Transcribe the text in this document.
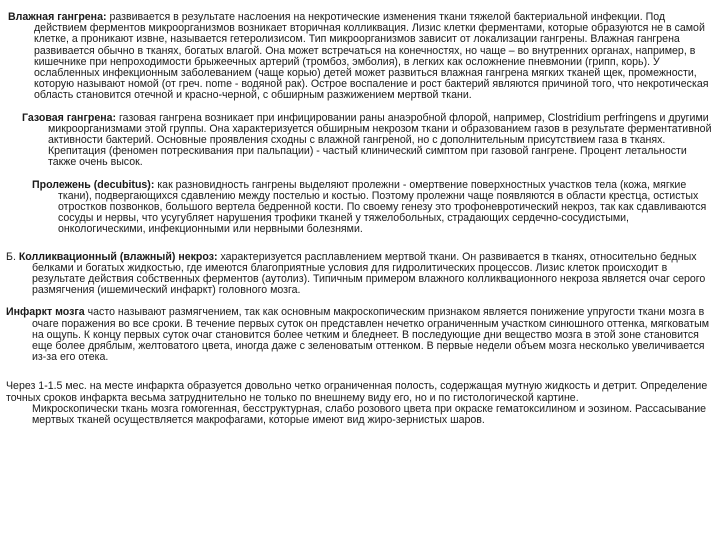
Влажная гангрена: развивается в результате наслоения на некротические изменения ткани тяжелой бактериальной инфекции. Под действием ферментов микроорганизмов возникает вторичная колликвация. Лизис клетки ферментами, которые образуются не в самой клетке, а проникают извне, называется гетеролизисом. Тип микроорганизмов зависит от локализации гангрены. Влажная гангрена развивается обычно в тканях, богатых влагой. Она может встречаться на конечностях, но чаще – во внутренних органах, например, в кишечнике при непроходимости брыжеечных артерий (тромбоз, эмболия), в легких как осложнение пневмонии (грипп, корь). У ослабленных инфекционным заболеванием (чаще корью) детей может развиться влажная гангрена мягких тканей щек, промежности, которую называют номой (от греч. nome - водяной рак). Острое воспаление и рост бактерий являются причиной того, что некротическая область становится отечной и красно-черной, с обширным разжижением мертвой ткани.

Газовая гангрена: газовая гангрена возникает при инфицировании раны анаэробной флорой, например, Clostridium perfringens и другими микроорганизмами этой группы. Она характеризуется обширным некрозом ткани и образованием газов в результате ферментативной активности бактерий. Основные проявления сходны с влажной гангреной, но с дополнительным присутствием газа в тканях. Крепитация (феномен потрескивания при пальпации) - частый клинический симптом при газовой гангрене. Процент летальности также очень высок.

Пролежень (decubitus): как разновидность гангрены выделяют пролежни - омертвение поверхностных участков тела (кожа, мягкие ткани), подвергающихся сдавлению между постелью и костью. Поэтому пролежни чаще появляются в области крестца, остистых отростков позвонков, большого вертела бедренной кости. По своему генезу это трофоневротический некроз, так как сдавливаются сосуды и нервы, что усугубляет нарушения трофики тканей у тяжелобольных, страдающих сердечно-сосудистыми, онкологическими, инфекционными или нервными болезнями.

Б. Колликвационный (влажный) некроз: характеризуется расплавлением мертвой ткани. Он развивается в тканях, относительно бедных белками и богатых жидкостью, где имеются благоприятные условия для гидролитических процессов. Лизис клеток происходит в результате действия собственных ферментов (аутолиз). Типичным примером влажного колликвационного некроза является очаг серого размягчения (ишемический инфаркт) головного мозга.

Инфаркт мозга часто называют размягчением, так как основным макроскопическим признаком является понижение упругости ткани мозга в очаге поражения во все сроки. В течение первых суток он представлен нечетко ограниченным участком синюшного оттенка, мягковатым на ощупь. К концу первых суток очаг становится более четким и бледнеет. В последующие дни вещество мозга в этой зоне становится еще более дряблым, желтоватого цвета, иногда даже с зеленоватым оттенком. В первые недели объем мозга несколько увеличивается из-за его отека.

Через 1-1.5 мес. на месте инфаркта образуется довольно четко ограниченная полость, содержащая мутную жидкость и детрит. Определение точных сроков инфаркта весьма затруднительно не только по внешнему виду его, но и по гистологической картине.
Микроскопически ткань мозга гомогенная, бесструктурная, слабо розового цвета при окраске гематоксилином и эозином. Рассасывание мертвых тканей осуществляется макрофагами, которые имеют вид жиро-зернистых шаров.
